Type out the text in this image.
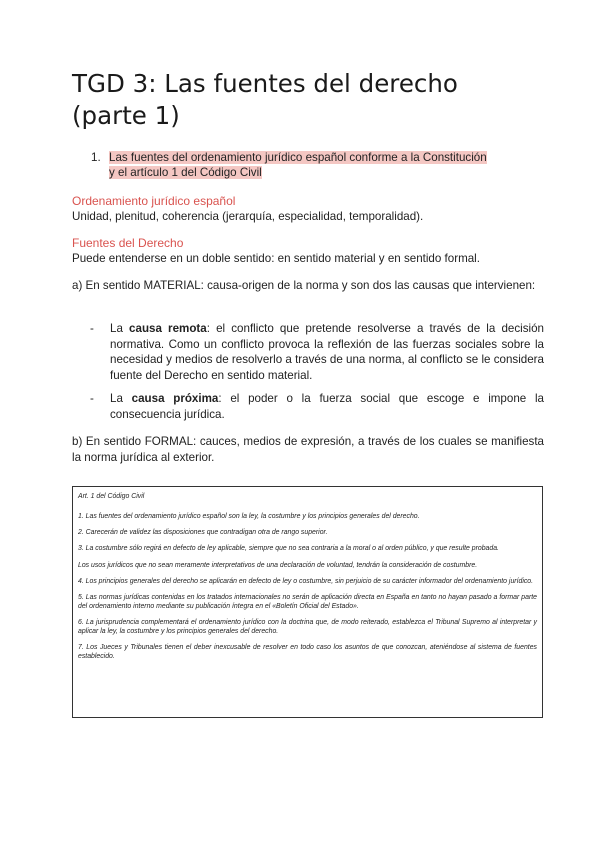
TGD 3: Las fuentes del derecho
(parte 1)
1. Las fuentes del ordenamiento jurídico español conforme a la Constitución
y el artículo 1 del Código Civil
Ordenamiento jurídico español
Unidad, plenitud, coherencia (jerarquía, especialidad, temporalidad).
Fuentes del Derecho
Puede entenderse en un doble sentido: en sentido material y en sentido formal.
a) En sentido MATERIAL: causa-origen de la norma y son dos las causas que intervienen:
- La causa remota: el conflicto que pretende resolverse a través de la decisión normativa. Como un conflicto provoca la reflexión de las fuerzas sociales sobre la necesidad y medios de resolverlo a través de una norma, al conflicto se le considera fuente del Derecho en sentido material.
- La causa próxima: el poder o la fuerza social que escoge e impone la consecuencia jurídica.
b) En sentido FORMAL: cauces, medios de expresión, a través de los cuales se manifiesta la norma jurídica al exterior.

Art. 1 del Código Civil

1. Las fuentes del ordenamiento jurídico español son la ley, la costumbre y los principios generales del derecho.

2. Carecerán de validez las disposiciones que contradigan otra de rango superior.

3. La costumbre sólo regirá en defecto de ley aplicable, siempre que no sea contraria a la moral o al orden público, y que resulte probada.

Los usos jurídicos que no sean meramente interpretativos de una declaración de voluntad, tendrán la consideración de costumbre.

4. Los principios generales del derecho se aplicarán en defecto de ley o costumbre, sin perjuicio de su carácter informador del ordenamiento jurídico.

5. Las normas jurídicas contenidas en los tratados internacionales no serán de aplicación directa en España en tanto no hayan pasado a formar parte del ordenamiento interno mediante su publicación íntegra en el «Boletín Oficial del Estado».

6. La jurisprudencia complementará el ordenamiento jurídico con la doctrina que, de modo reiterado, establezca el Tribunal Supremo al interpretar y aplicar la ley, la costumbre y los principios generales del derecho.

7. Los Jueces y Tribunales tienen el deber inexcusable de resolver en todo caso los asuntos de que conozcan, ateniéndose al sistema de fuentes establecido.
